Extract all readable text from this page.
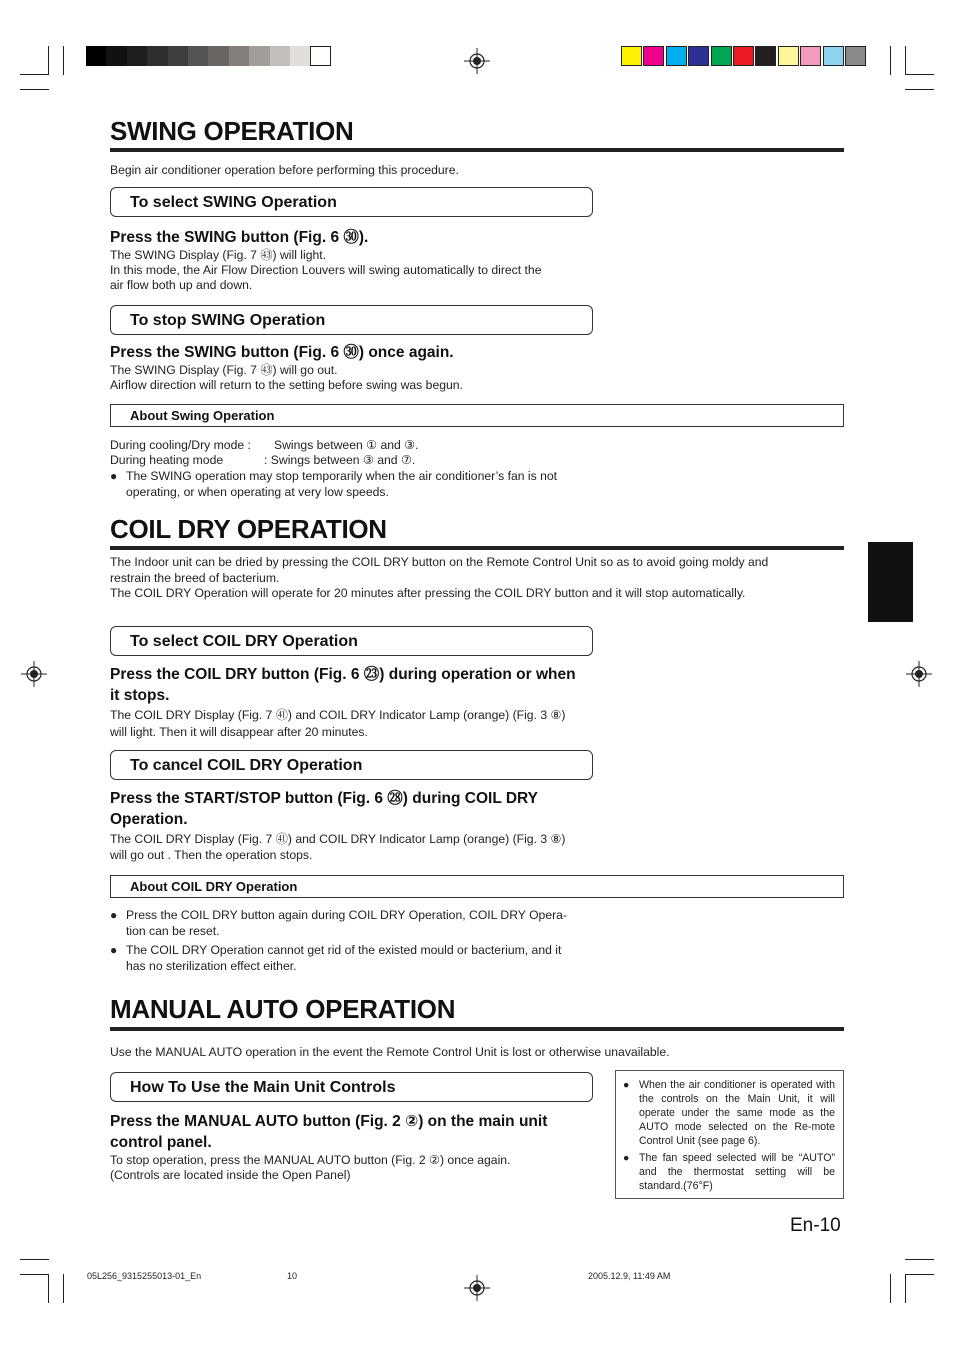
SWING OPERATION

Begin air conditioner operation before performing this procedure.

To select SWING Operation

Press the SWING button (Fig. 6 ㉚).

The SWING Display (Fig. 7 ㊸) will light.

In this mode, the Air Flow Direction Louvers will swing automatically to direct the

air flow both up and down.

To stop SWING Operation

Press the SWING button (Fig. 6 ㉚) once again.

The SWING Display (Fig. 7 ㊸) will go out.

Airflow direction will return to the setting before swing was begun.

About Swing Operation

During cooling/Dry mode : Swings between ① and ③.

During heating mode	: Swings between ③ and ⑦.

● The SWING operation may stop temporarily when the air conditioner’s fan is not
operating, or when operating at very low speeds.
COIL DRY OPERATION

The Indoor unit can be dried by pressing the COIL DRY button on the Remote Control Unit so as to avoid going moldy and

restrain the breed of bacterium.

The COIL DRY Operation will operate for 20 minutes after pressing the COIL DRY button and it will stop automatically.

To select COIL DRY Operation

Press the COIL DRY button (Fig. 6 ㉓) during operation or when

it stops.

The COIL DRY Display (Fig. 7 ㊶) and COIL DRY Indicator Lamp (orange) (Fig. 3 ⑧)

will light. Then it will disappear after 20 minutes.

To cancel COIL DRY Operation

Press the START/STOP button (Fig. 6 ㉘) during COIL DRY

Operation.

The COIL DRY Display (Fig. 7 ㊶) and COIL DRY Indicator Lamp (orange) (Fig. 3 ⑧)

will go out . Then the operation stops.

About COIL DRY Operation
● Press the COIL DRY button again during COIL DRY Operation, COIL DRY Opera-
tion can be reset.
● The COIL DRY Operation cannot get rid of the existed mould or bacterium, and it
has no sterilization effect either.
MANUAL AUTO OPERATION

Use the MANUAL AUTO operation in the event the Remote Control Unit is lost or otherwise unavailable.

How To Use the Main Unit Controls

Press the MANUAL AUTO button (Fig. 2 ②) on the main unit

control panel.

To stop operation, press the MANUAL AUTO button (Fig. 2 ②) once again.

(Controls are located inside the Open Panel)

● When the air conditioner is operated with the controls on the Main Unit, it will operate under the same mode as the AUTO mode selected on the Re-mote Control Unit (see page 6).
● The fan speed selected will be “AUTO” and the thermostat setting will be standard.(76°F)
En-10
05L256_9315255013-01_En	10	2005.12.9, 11:49 AM
